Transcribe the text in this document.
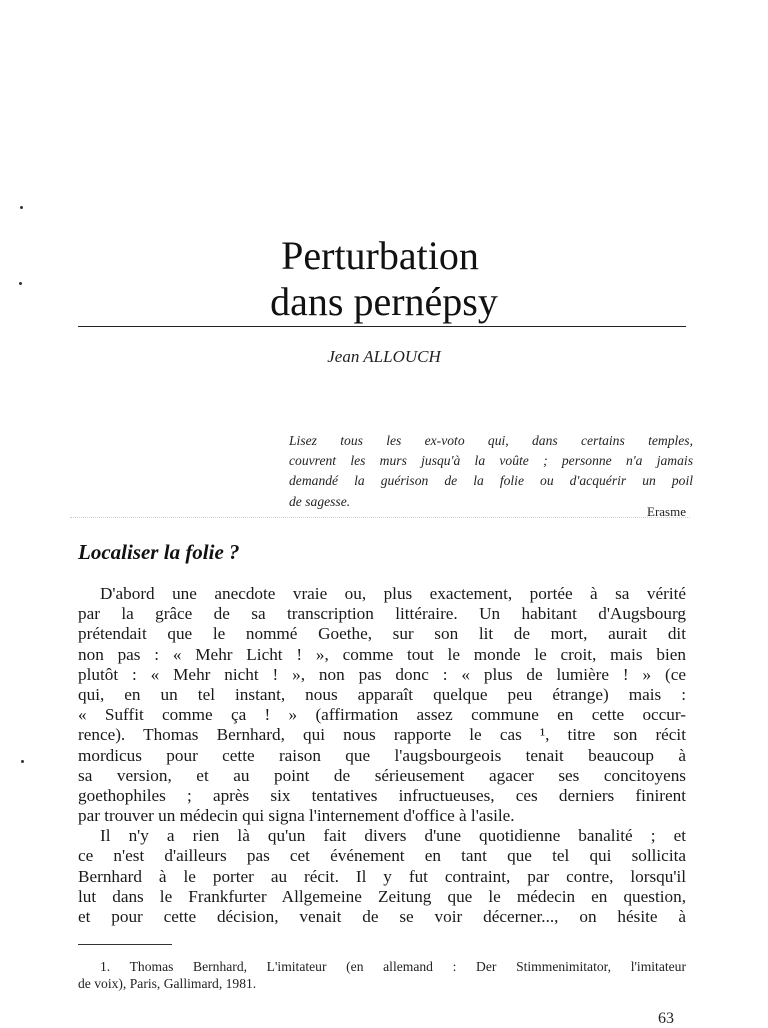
Perturbation
dans pernépsy
Jean ALLOUCH
Lisez tous les ex-voto qui, dans certains temples,
couvrent les murs jusqu'à la voûte ; personne n'a jamais
demandé la guérison de la folie ou d'acquérir un poil
de sagesse.
Erasme
Localiser la folie ?
D'abord une anecdote vraie ou, plus exactement, portée à sa vérité
par la grâce de sa transcription littéraire. Un habitant d'Augsbourg
prétendait que le nommé Goethe, sur son lit de mort, aurait dit
non pas : « Mehr Licht ! », comme tout le monde le croit, mais bien
plutôt : « Mehr nicht ! », non pas donc : « plus de lumière ! » (ce
qui, en un tel instant, nous apparaît quelque peu étrange) mais :
« Suffit comme ça ! » (affirmation assez commune en cette occur-
rence). Thomas Bernhard, qui nous rapporte le cas ¹, titre son récit
mordicus pour cette raison que l'augsbourgeois tenait beaucoup à
sa version, et au point de sérieusement agacer ses concitoyens
goethophiles ; après six tentatives infructueuses, ces derniers finirent
par trouver un médecin qui signa l'internement d'office à l'asile.
Il n'y a rien là qu'un fait divers d'une quotidienne banalité ; et
ce n'est d'ailleurs pas cet événement en tant que tel qui sollicita
Bernhard à le porter au récit. Il y fut contraint, par contre, lorsqu'il
lut dans le Frankfurter Allgemeine Zeitung que le médecin en question,
et pour cette décision, venait de se voir décerner..., on hésite à
1. Thomas Bernhard, L'imitateur (en allemand : Der Stimmenimitator, l'imitateur
de voix), Paris, Gallimard, 1981.
63
